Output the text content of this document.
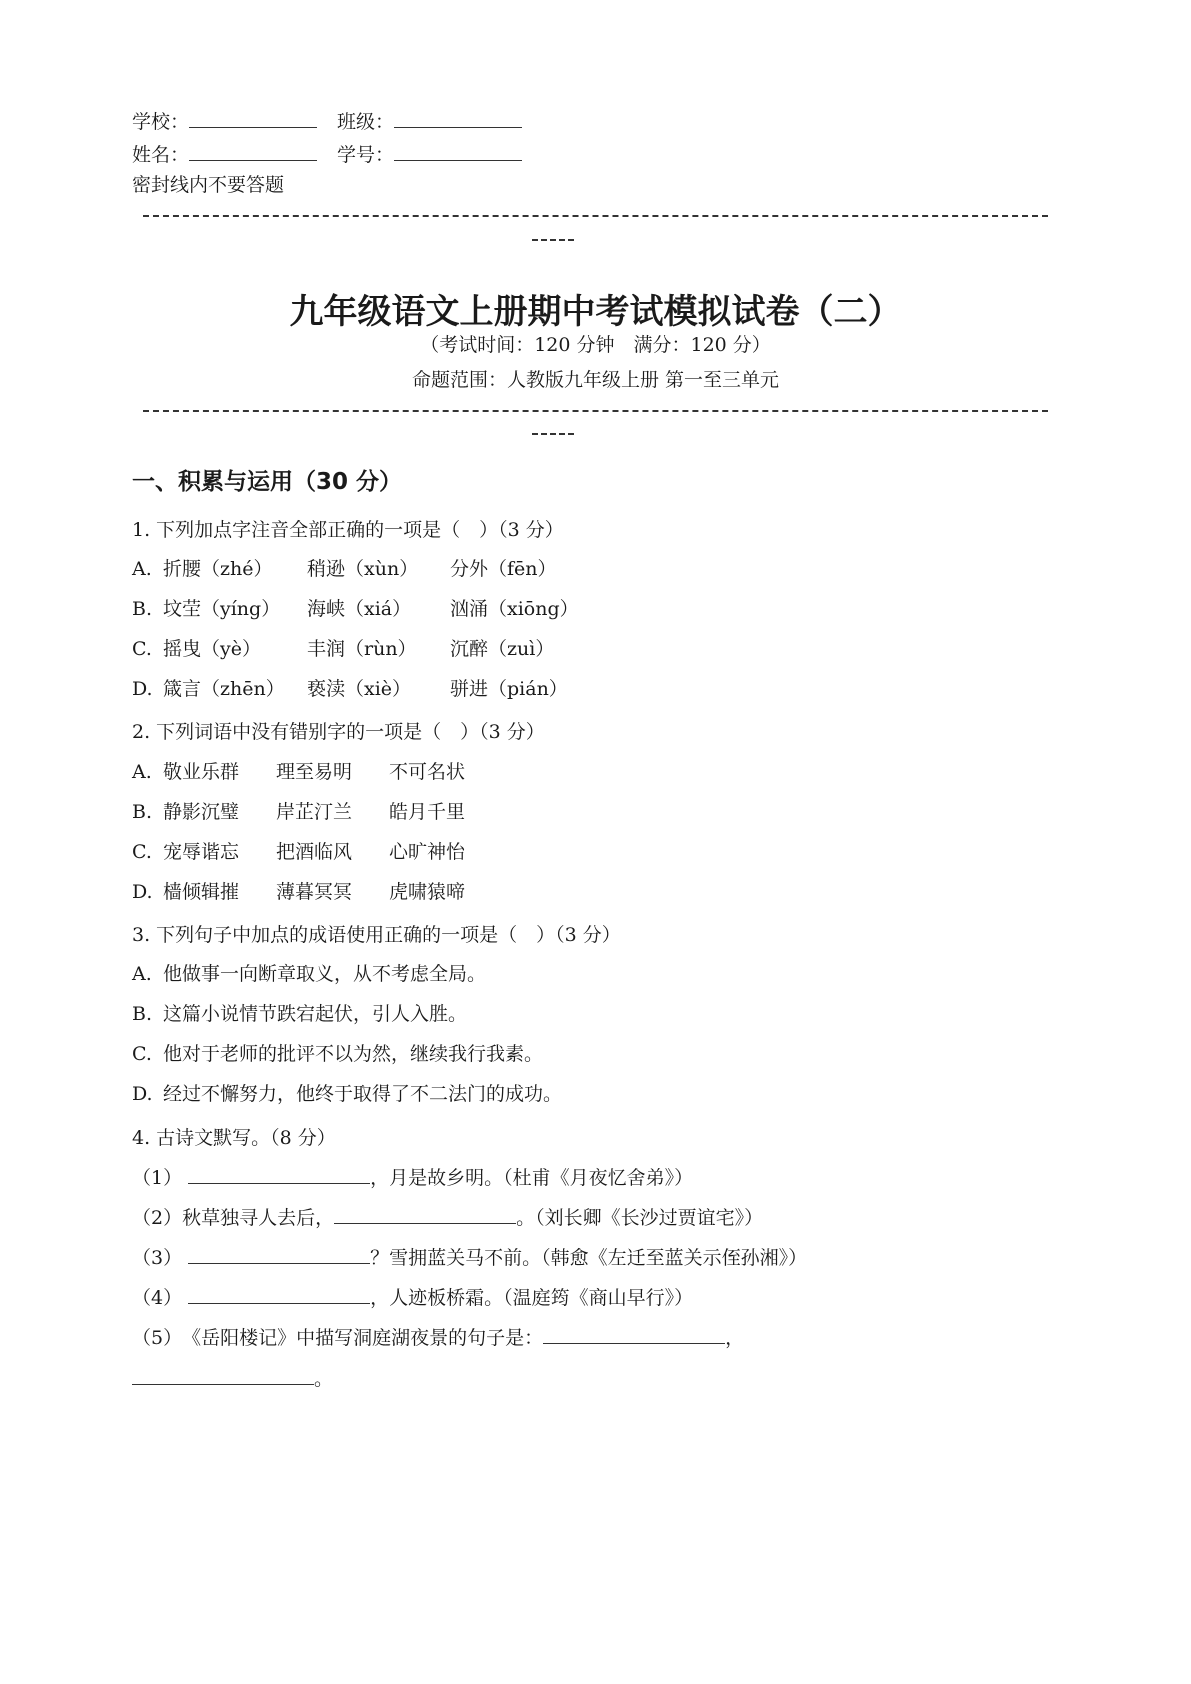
学校：	班级：
姓名：	学号：
密封线内不要答题
九年级语文上册期中考试模拟试卷（二）
（考试时间：120 分钟　满分：120 分）
命题范围：人教版九年级上册 第一至三单元
一、积累与运用（30 分）
1. 下列加点字注音全部正确的一项是（　）（3 分）
A. 折腰（zhé） 稍逊（xùn） 分外（fēn）
B. 坟茔（yíng） 海峡（xiá） 汹涌（xiōng）
C. 摇曳（yè） 丰润（rùn） 沉醉（zuì）
D. 箴言（zhēn） 亵渎（xiè） 骈进（pián）
2. 下列词语中没有错别字的一项是（　）（3 分）
A. 敬业乐群 理至易明 不可名状
B. 静影沉璧 岸芷汀兰 皓月千里
C. 宠辱谐忘 把酒临风 心旷神怡
D. 樯倾辑摧 薄暮冥冥 虎啸猿啼
3. 下列句子中加点的成语使用正确的一项是（　）（3 分）
A. 他做事一向断章取义，从不考虑全局。
B. 这篇小说情节跌宕起伏，引人入胜。
C. 他对于老师的批评不以为然，继续我行我素。
D. 经过不懈努力，他终于取得了不二法门的成功。
4. 古诗文默写。（8 分）
（1）	，月是故乡明。（杜甫《月夜忆舍弟》）
（2） 秋草独寻人去后，	。（刘长卿《长沙过贾谊宅》）
（3）	？雪拥蓝关马不前。（韩愈《左迁至蓝关示侄孙湘》）
（4）	，人迹板桥霜。（温庭筠《商山早行》）
（5） 《岳阳楼记》中描写洞庭湖夜景的句子是：	，
。
